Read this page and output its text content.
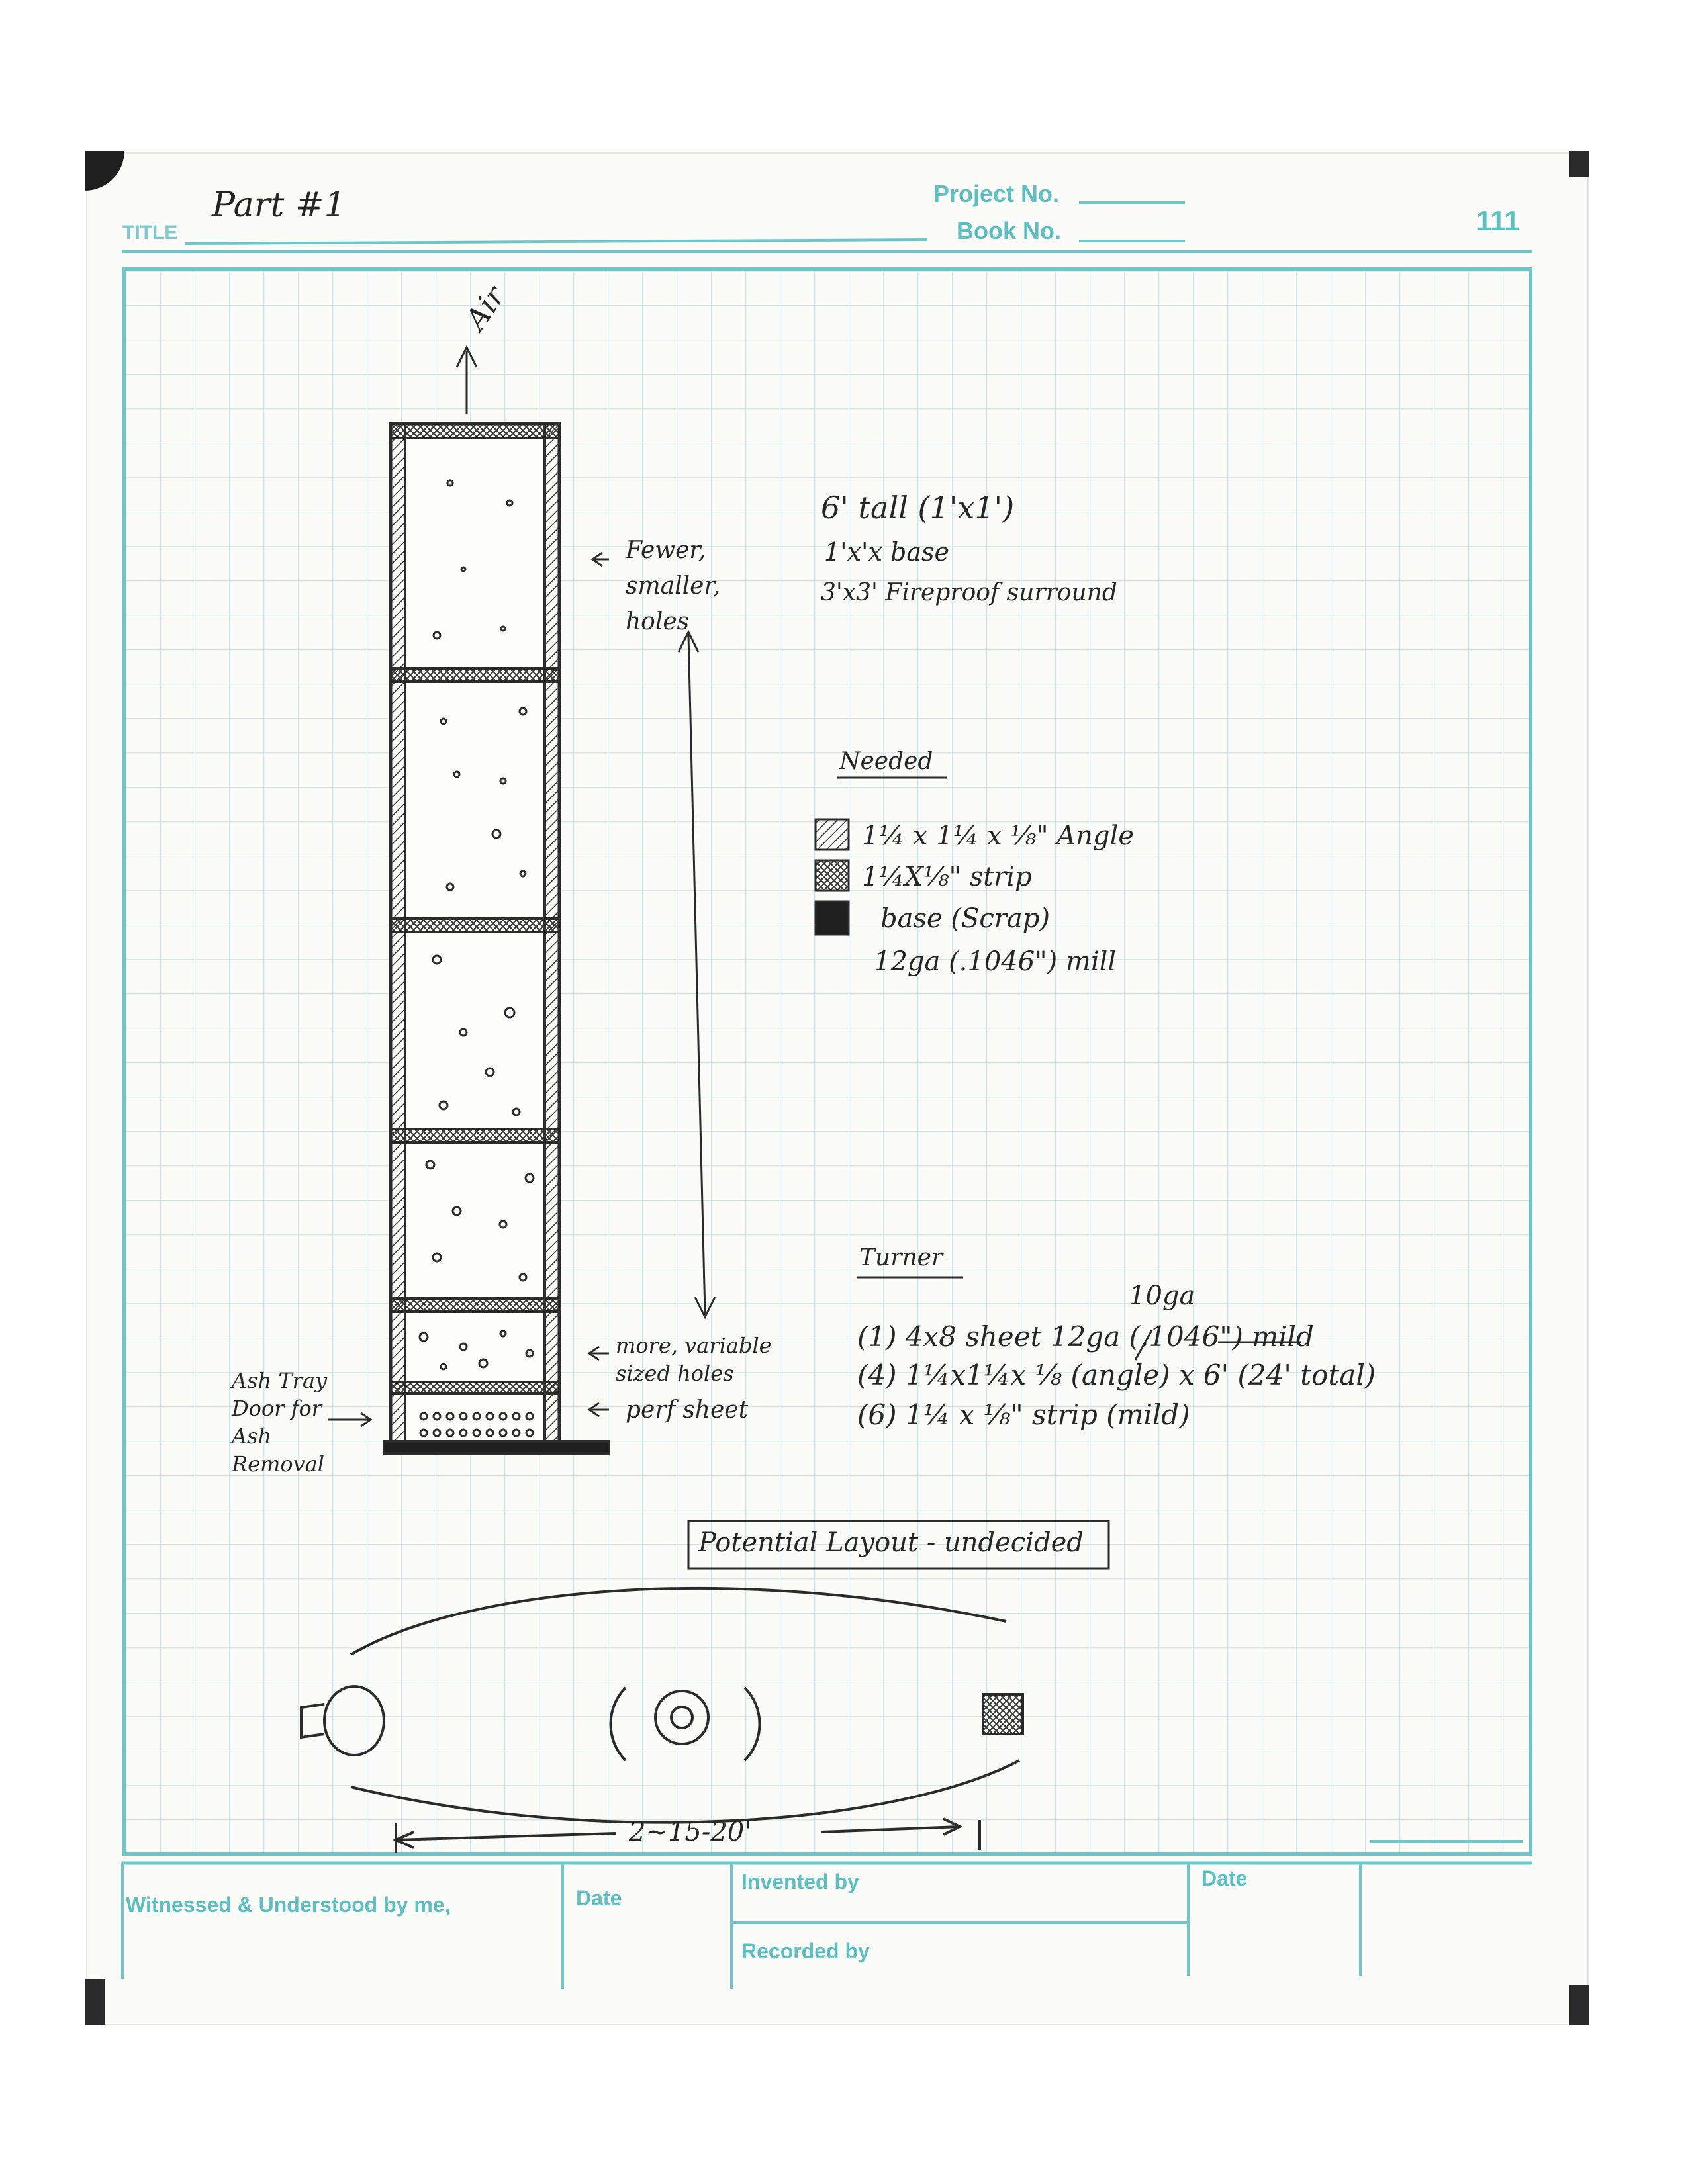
TITLE
Part #1	Project No.
Book No.	111
Witnessed & Understood by me,	Date
Invented by	Date
Recorded by
Air
Fewer, smaller, holes
more, variable sized holes
perf sheet
Ash Tray Door for Ash Removal
6' tall (1'x1')
1'x'x base
3'x3' Fireproof surround
Needed
1¼ x 1¼ x ⅛" Angle
1¼X⅛" strip
base (Scrap)
12ga (.1046") mill
Turner
10ga
(1) 4x8 sheet 12ga (.1046") mild
(4) 1¼x1¼x ⅛ (angle) x 6' (24' total)
(6) 1¼ x ⅛" strip (mild)
Potential Layout - undecided
2~15-20'
